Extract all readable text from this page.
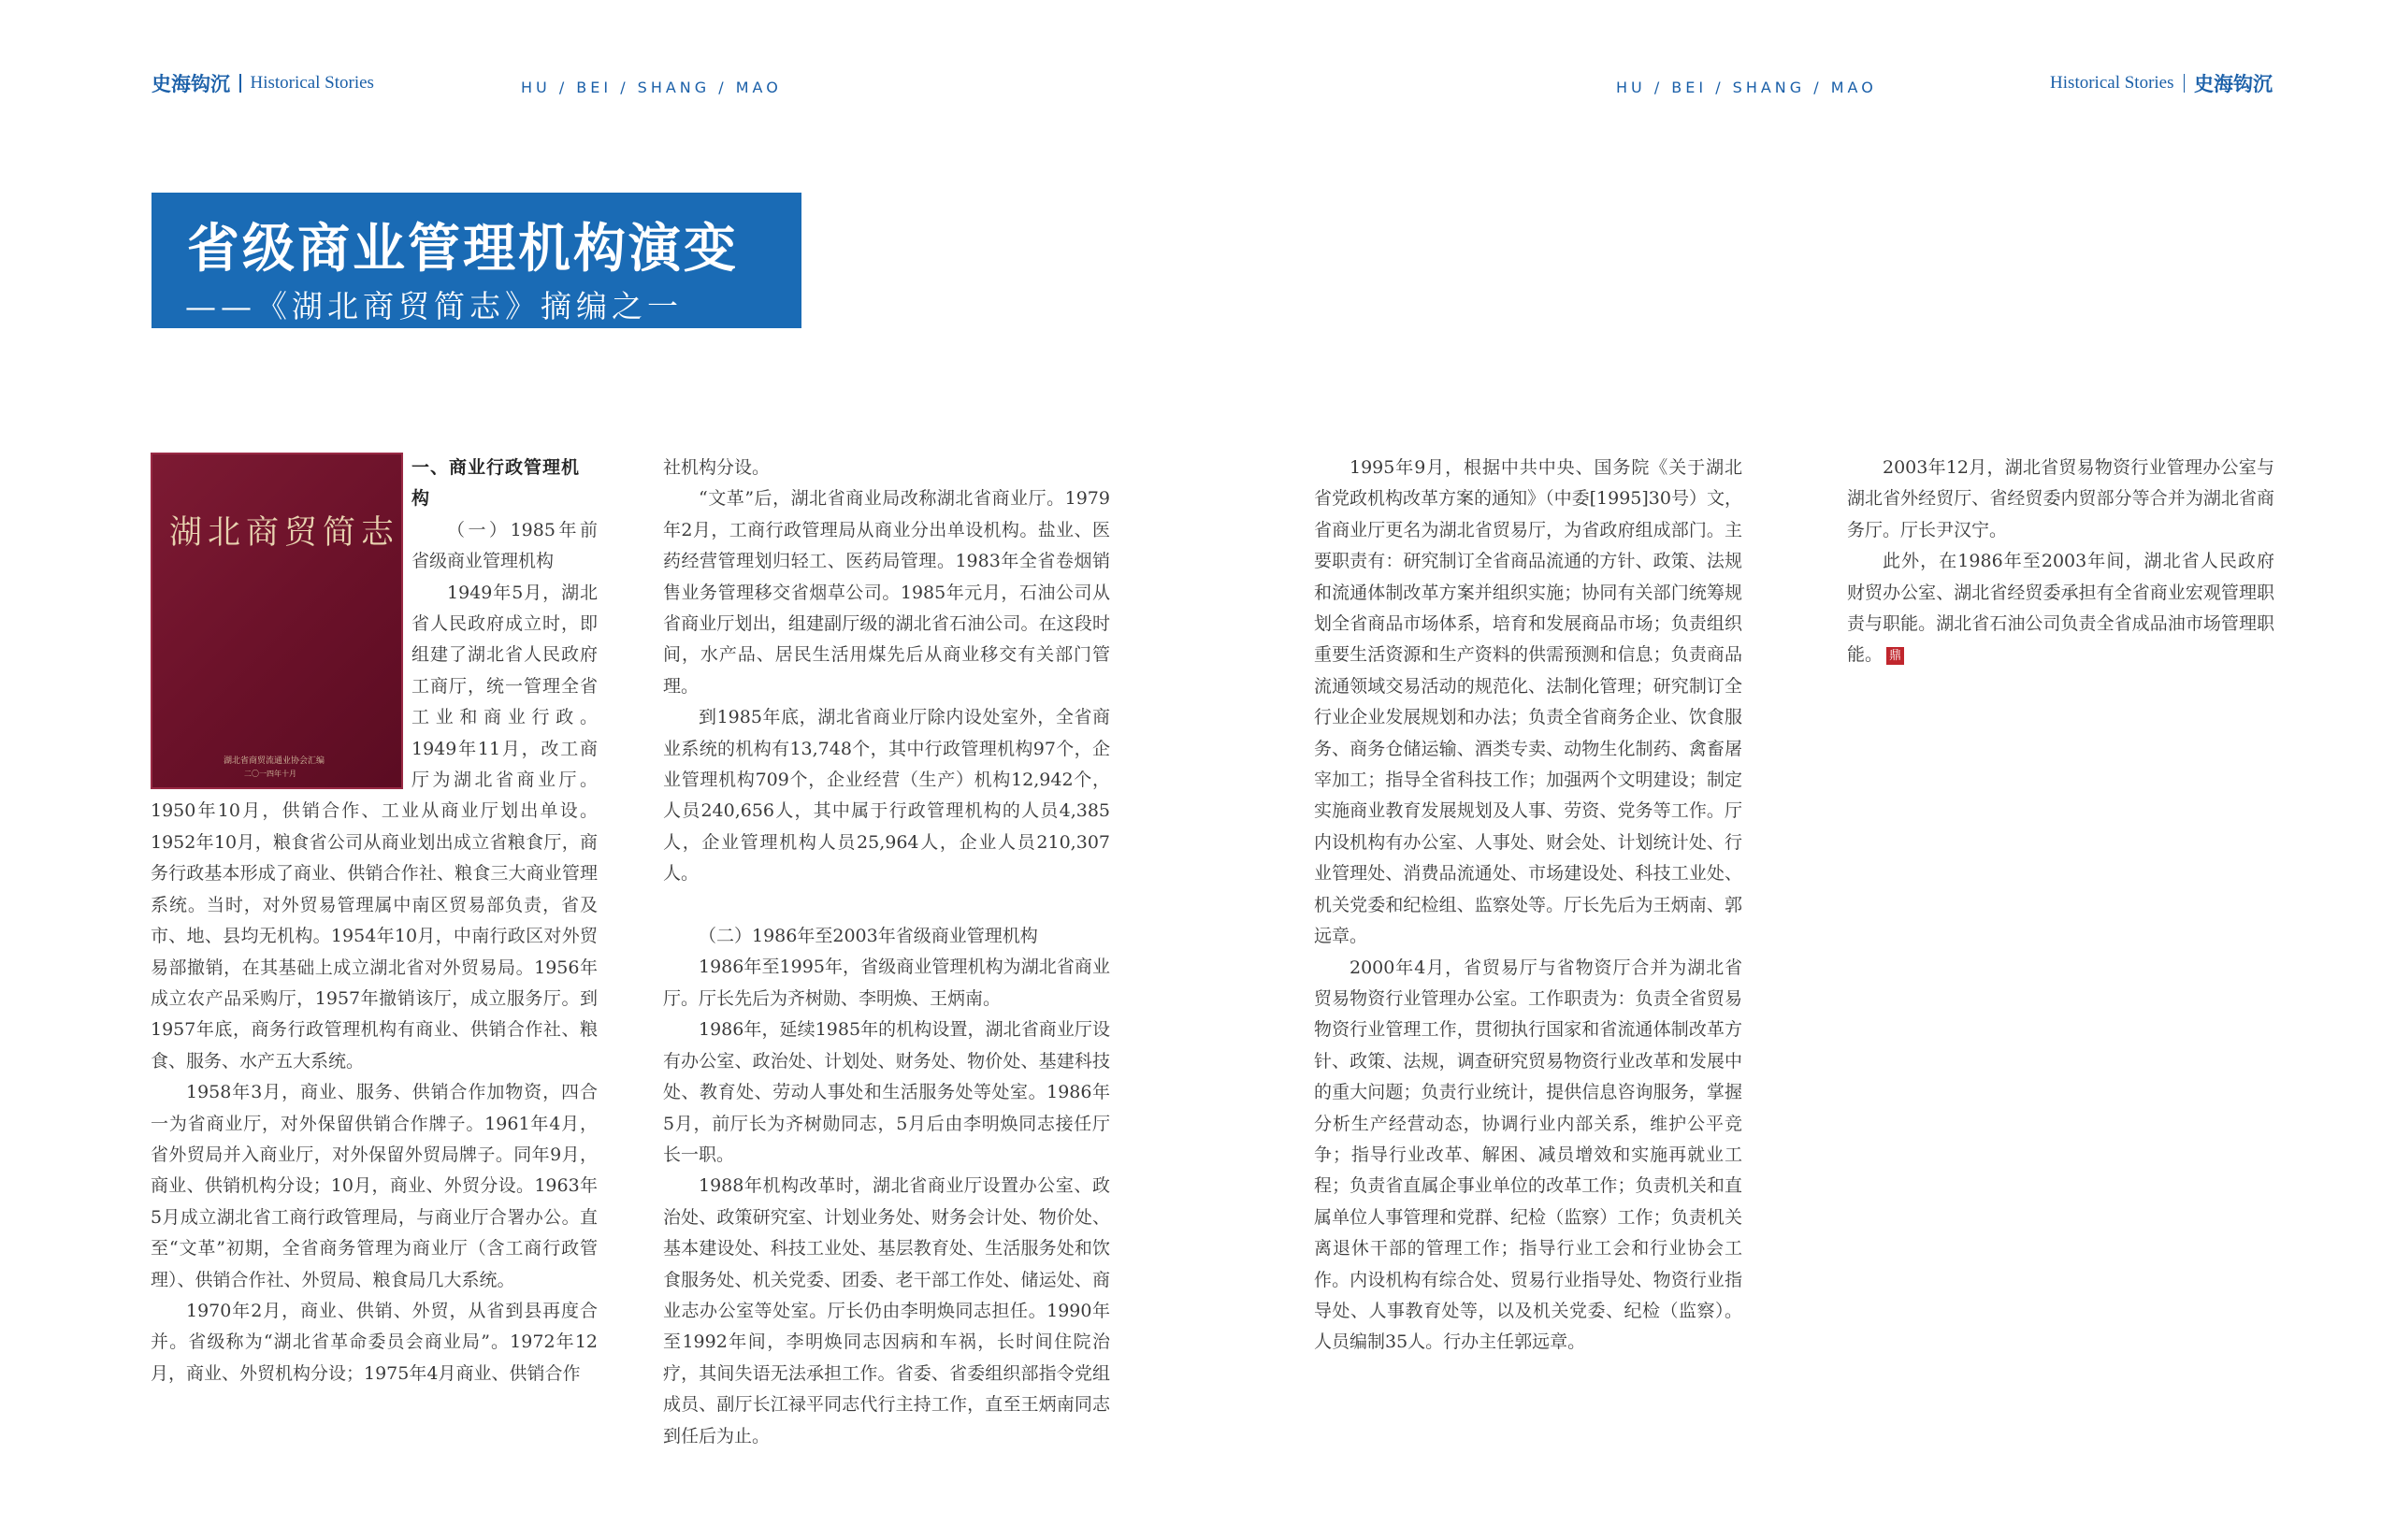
史海钩沉 Historical Stories	HU / BEI / SHANG / MAO	HU / BEI / SHANG / MAO	Historical Stories 史海钩沉
省级商业管理机构演变
——《湖北商贸简志》摘编之一
湖北商贸简志
湖北省商贸流通业协会汇编
二〇一四年十月

一、商业行政管理机构

（一）1985年前省级商业管理机构

1949年5月，湖北省人民政府成立时，即组建了湖北省人民政府工商厅，统一管理全省工业和商业行政。1949年11月，改工商厅为湖北省商业厅。1950年10月，供销合作、工业从商业厅划出单设。1952年10月，粮食省公司从商业划出成立省粮食厅，商务行政基本形成了商业、供销合作社、粮食三大商业管理系统。当时，对外贸易管理属中南区贸易部负责，省及市、地、县均无机构。1954年10月，中南行政区对外贸易部撤销，在其基础上成立湖北省对外贸易局。1956年成立农产品采购厅，1957年撤销该厅，成立服务厅。到1957年底，商务行政管理机构有商业、供销合作社、粮食、服务、水产五大系统。

1958年3月，商业、服务、供销合作加物资，四合一为省商业厅，对外保留供销合作牌子。1961年4月，省外贸局并入商业厅，对外保留外贸局牌子。同年9月，商业、供销机构分设；10月，商业、外贸分设。1963年5月成立湖北省工商行政管理局，与商业厅合署办公。直至“文革”初期，全省商务管理为商业厅（含工商行政管理）、供销合作社、外贸局、粮食局几大系统。

1970年2月，商业、供销、外贸，从省到县再度合并。省级称为“湖北省革命委员会商业局”。1972年12月，商业、外贸机构分设；1975年4月商业、供销合作

社机构分设。

“文革”后，湖北省商业局改称湖北省商业厅。1979年2月，工商行政管理局从商业分出单设机构。盐业、医药经营管理划归轻工、医药局管理。1983年全省卷烟销售业务管理移交省烟草公司。1985年元月，石油公司从省商业厅划出，组建副厅级的湖北省石油公司。在这段时间，水产品、居民生活用煤先后从商业移交有关部门管理。

到1985年底，湖北省商业厅除内设处室外，全省商业系统的机构有13,748个，其中行政管理机构97个，企业管理机构709个，企业经营（生产）机构12,942个，人员240,656人，其中属于行政管理机构的人员4,385人，企业管理机构人员25,964人，企业人员210,307人。

（二）1986年至2003年省级商业管理机构

1986年至1995年，省级商业管理机构为湖北省商业厅。厅长先后为齐树勋、李明焕、王炳南。

1986年，延续1985年的机构设置，湖北省商业厅设有办公室、政治处、计划处、财务处、物价处、基建科技处、教育处、劳动人事处和生活服务处等处室。1986年5月，前厅长为齐树勋同志，5月后由李明焕同志接任厅长一职。

1988年机构改革时，湖北省商业厅设置办公室、政治处、政策研究室、计划业务处、财务会计处、物价处、基本建设处、科技工业处、基层教育处、生活服务处和饮食服务处、机关党委、团委、老干部工作处、储运处、商业志办公室等处室。厅长仍由李明焕同志担任。1990年至1992年间，李明焕同志因病和车祸，长时间住院治疗，其间失语无法承担工作。省委、省委组织部指令党组成员、副厅长江禄平同志代行主持工作，直至王炳南同志到任后为止。

1995年9月，根据中共中央、国务院《关于湖北省党政机构改革方案的通知》（中委[1995]30号）文，省商业厅更名为湖北省贸易厅，为省政府组成部门。主要职责有：研究制订全省商品流通的方针、政策、法规和流通体制改革方案并组织实施；协同有关部门统筹规划全省商品市场体系，培育和发展商品市场；负责组织重要生活资源和生产资料的供需预测和信息；负责商品流通领域交易活动的规范化、法制化管理；研究制订全行业企业发展规划和办法；负责全省商务企业、饮食服务、商务仓储运输、酒类专卖、动物生化制药、禽畜屠宰加工；指导全省科技工作；加强两个文明建设；制定实施商业教育发展规划及人事、劳资、党务等工作。厅内设机构有办公室、人事处、财会处、计划统计处、行业管理处、消费品流通处、市场建设处、科技工业处、机关党委和纪检组、监察处等。厅长先后为王炳南、郭远章。

2000年4月，省贸易厅与省物资厅合并为湖北省贸易物资行业管理办公室。工作职责为：负责全省贸易物资行业管理工作，贯彻执行国家和省流通体制改革方针、政策、法规，调查研究贸易物资行业改革和发展中的重大问题；负责行业统计，提供信息咨询服务，掌握分析生产经营动态，协调行业内部关系，维护公平竞争；指导行业改革、解困、减员增效和实施再就业工程；负责省直属企事业单位的改革工作；负责机关和直属单位人事管理和党群、纪检（监察）工作；负责机关离退休干部的管理工作；指导行业工会和行业协会工作。内设机构有综合处、贸易行业指导处、物资行业指导处、人事教育处等，以及机关党委、纪检（监察）。人员编制35人。行办主任郭远章。

2003年12月，湖北省贸易物资行业管理办公室与湖北省外经贸厅、省经贸委内贸部分等合并为湖北省商务厅。厅长尹汉宁。

此外，在1986年至2003年间，湖北省人民政府财贸办公室、湖北省经贸委承担有全省商业宏观管理职责与职能。湖北省石油公司负责全省成品油市场管理职能。 鼎
